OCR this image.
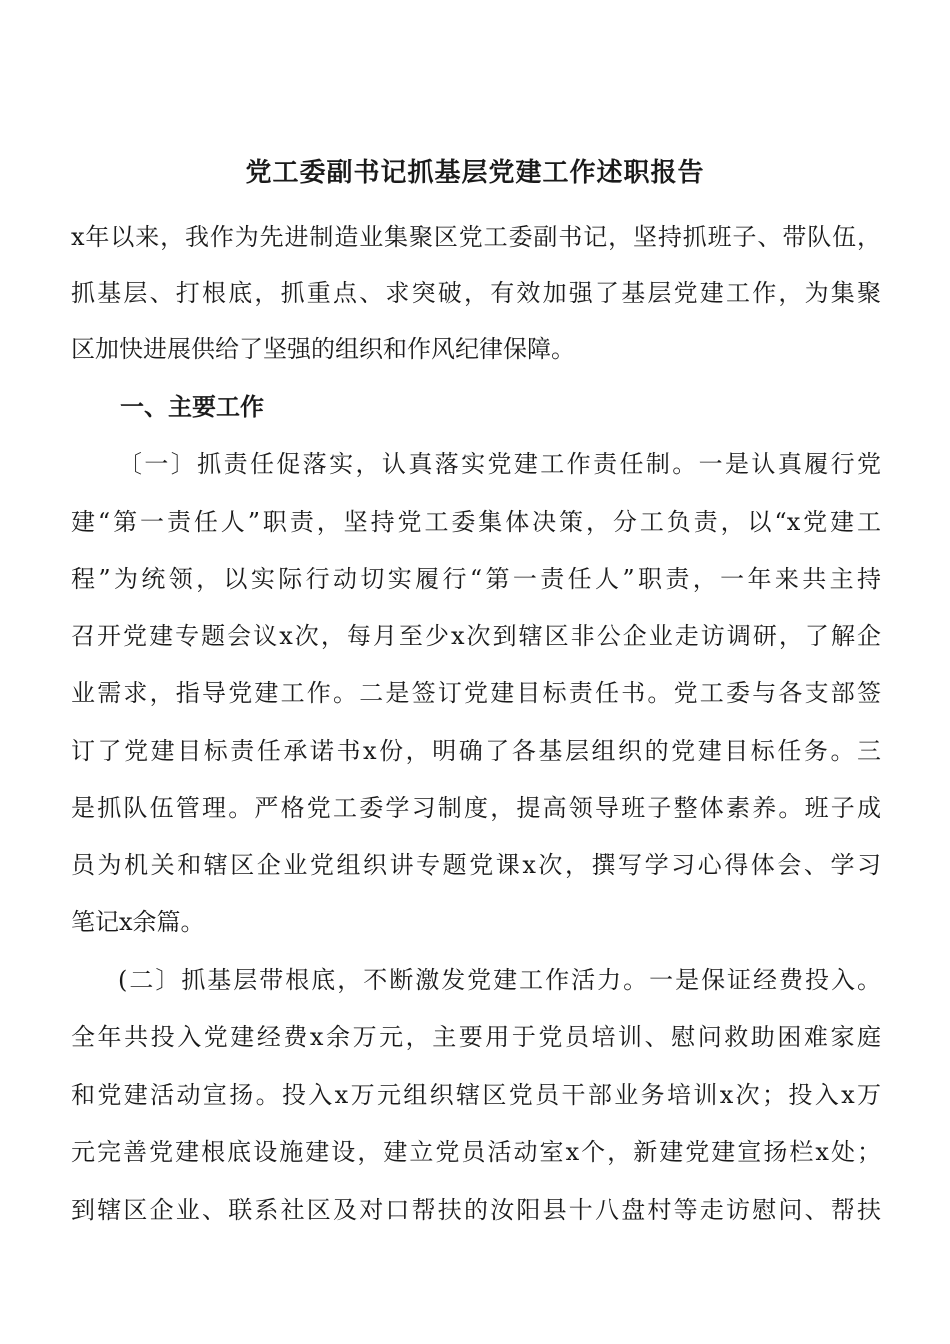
党工委副书记抓基层党建工作述职报告
x年以来，我作为先进制造业集聚区党工委副书记，坚持抓班子、带队伍，
抓基层、打根底，抓重点、求突破，有效加强了基层党建工作，为集聚
区加快进展供给了坚强的组织和作风纪律保障。
一、主要工作
〔一〕抓责任促落实，认真落实党建工作责任制。一是认真履行党
建“第一责任人”职责，坚持党工委集体决策，分工负责，以“x党建工
程”为统领，以实际行动切实履行“第一责任人”职责，一年来共主持
召开党建专题会议x次，每月至少x次到辖区非公企业走访调研，了解企
业需求，指导党建工作。二是签订党建目标责任书。党工委与各支部签
订了党建目标责任承诺书x份，明确了各基层组织的党建目标任务。三
是抓队伍管理。严格党工委学习制度，提高领导班子整体素养。班子成
员为机关和辖区企业党组织讲专题党课x次，撰写学习心得体会、学习
笔记x余篇。
(二〕抓基层带根底，不断激发党建工作活力。一是保证经费投入。
全年共投入党建经费x余万元，主要用于党员培训、慰问救助困难家庭
和党建活动宣扬。投入x万元组织辖区党员干部业务培训x次；投入x万
元完善党建根底设施建设，建立党员活动室x个，新建党建宣扬栏x处；
到辖区企业、联系社区及对口帮扶的汝阳县十八盘村等走访慰问、帮扶
